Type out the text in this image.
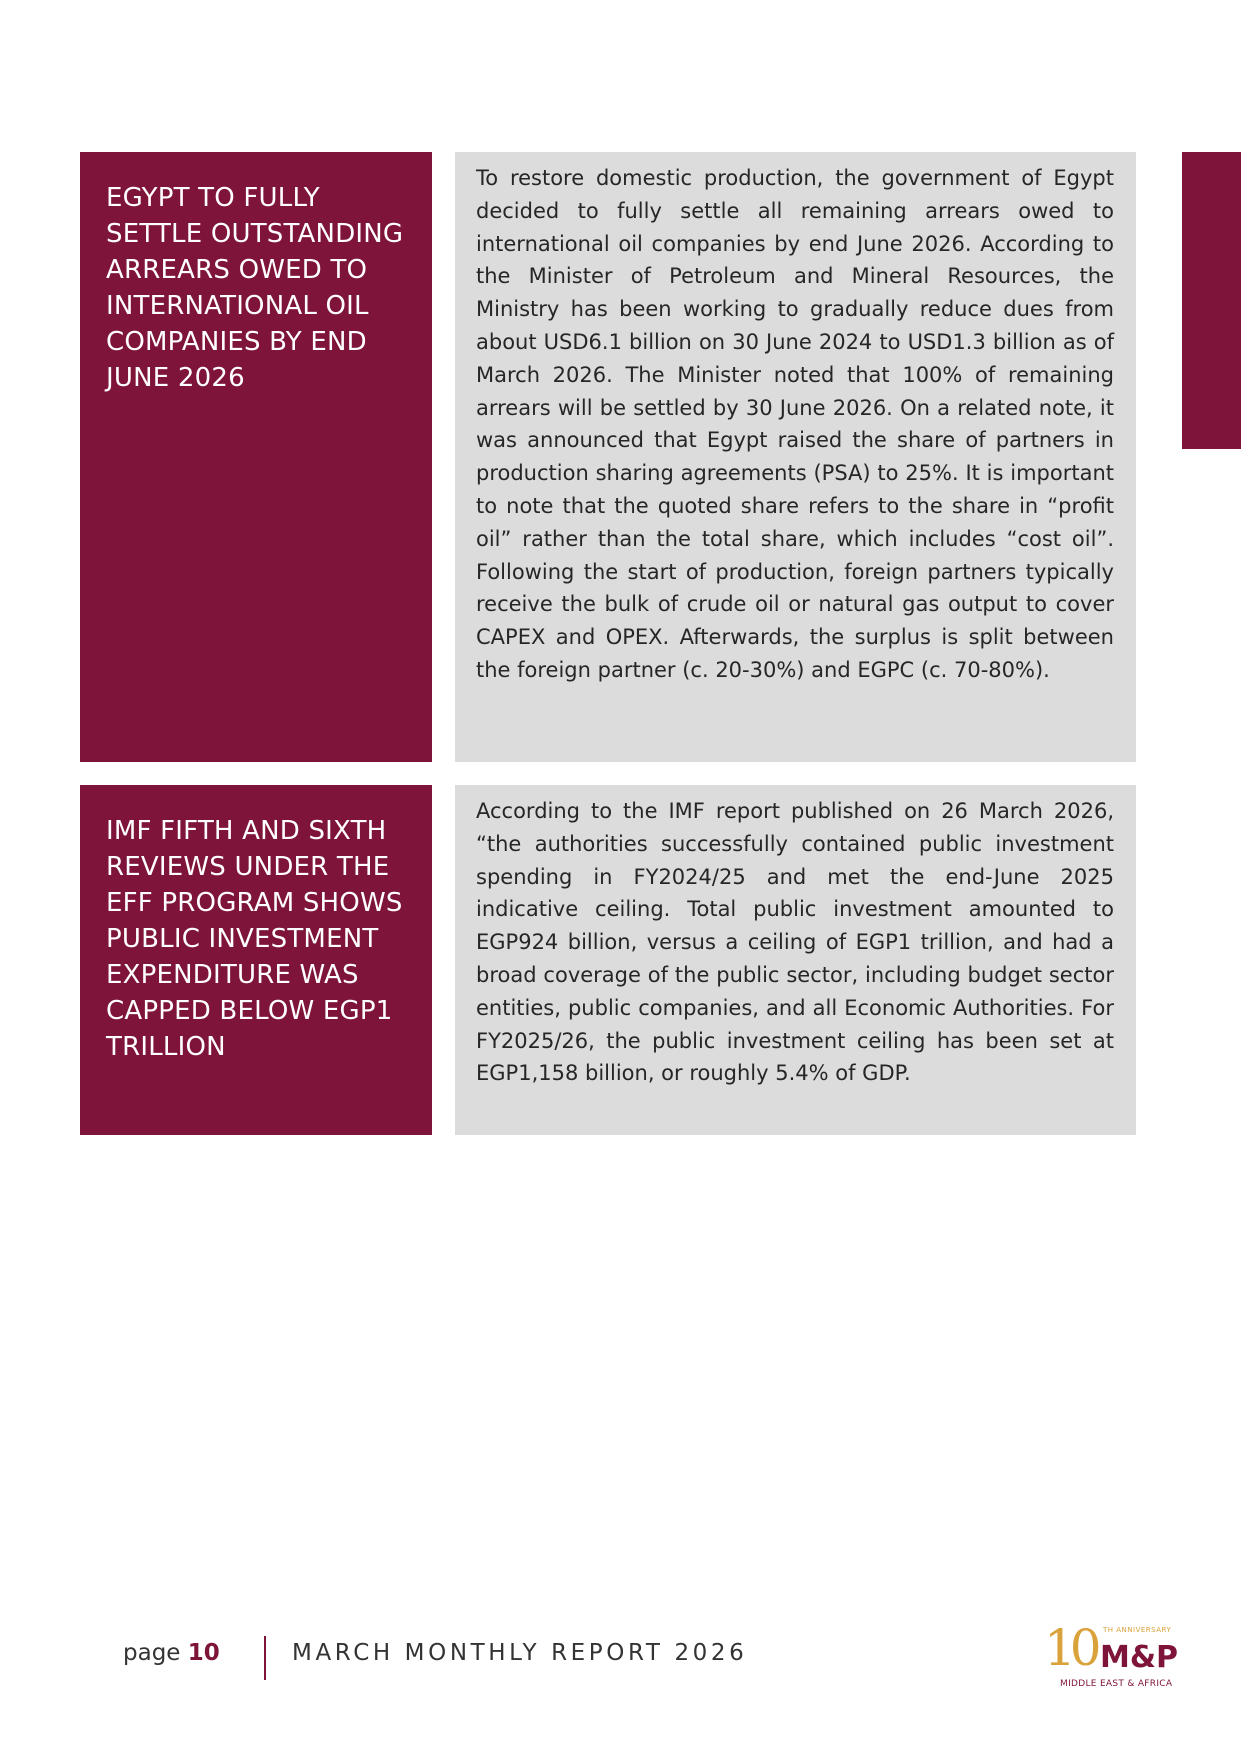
EGYPT TO FULLY SETTLE OUTSTANDING ARREARS OWED TO INTERNATIONAL OIL COMPANIES BY END JUNE 2026
To restore domestic production, the government of Egypt decided to fully settle all remaining arrears owed to international oil companies by end June 2026. According to the Minister of Petroleum and Mineral Resources, the Ministry has been working to gradually reduce dues from about USD6.1 billion on 30 June 2024 to USD1.3 billion as of March 2026. The Minister noted that 100% of remaining arrears will be settled by 30 June 2026. On a related note, it was announced that Egypt raised the share of partners in production sharing agreements (PSA) to 25%. It is important to note that the quoted share refers to the share in “profit oil” rather than the total share, which includes “cost oil”. Following the start of production, foreign partners typically receive the bulk of crude oil or natural gas output to cover CAPEX and OPEX. Afterwards, the surplus is split between the foreign partner (c. 20-30%) and EGPC (c. 70-80%).
IMF FIFTH AND SIXTH REVIEWS UNDER THE EFF PROGRAM SHOWS PUBLIC INVESTMENT EXPENDITURE WAS CAPPED BELOW EGP1 TRILLION
According to the IMF report published on 26 March 2026, “the authorities successfully contained public investment spending in FY2024/25 and met the end-June 2025 indicative ceiling. Total public investment amounted to EGP924 billion, versus a ceiling of EGP1 trillion, and had a broad coverage of the public sector, including budget sector entities, public companies, and all Economic Authorities. For FY2025/26, the public investment ceiling has been set at EGP1,158 billion, or roughly 5.4% of GDP.
page 10	MARCH MONTHLY REPORT 2026	10 TH ANNIVERSARY
M&P
MIDDLE EAST & AFRICA
